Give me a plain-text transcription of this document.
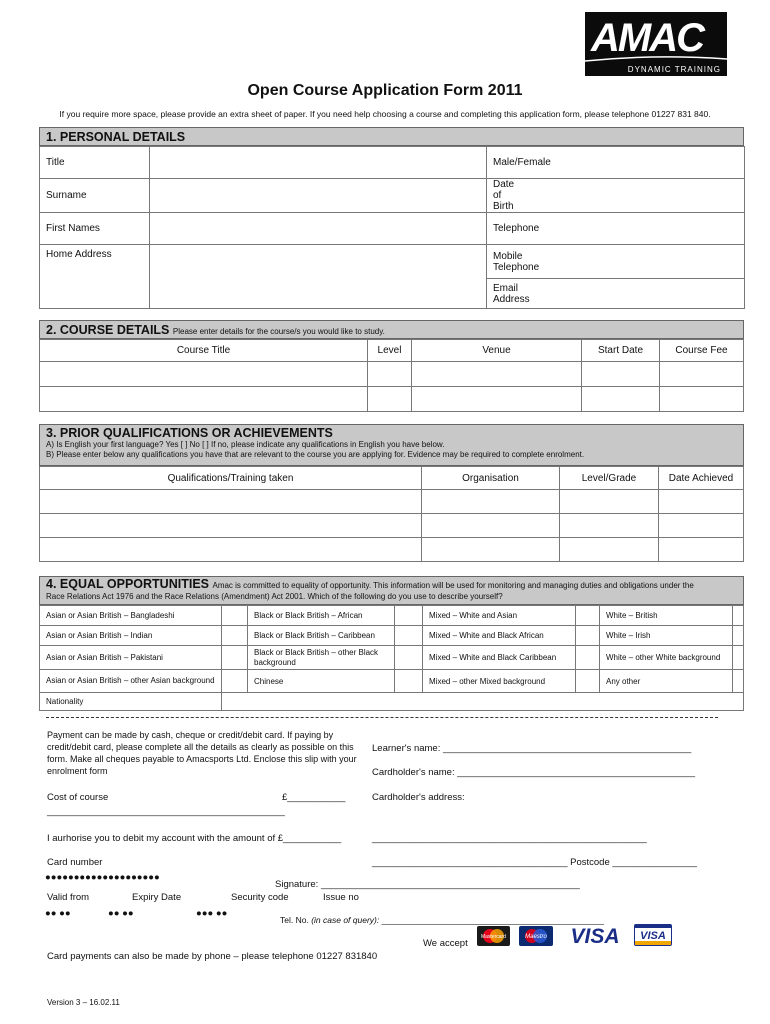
AMAC
DYNAMIC TRAINING
Open Course Application Form 2011
If you require more space, please provide an extra sheet of paper. If you need help choosing a course and completing this application form, please telephone 01227 831 840.
1. PERSONAL DETAILS
Title		Male/Female	
Surname		Date of Birth	
First Names		Telephone	
Home Address		Mobile Telephone	
		Email Address	
2. COURSE DETAILS Please enter details for the course/s you would like to study.
Course Title	Level	Venue	Start Date	Course Fee

3. PRIOR QUALIFICATIONS OR ACHIEVEMENTS
A) Is English your first language? Yes [ ] No [ ] If no, please indicate any qualifications in English you have below.
B) Please enter below any qualifications you have that are relevant to the course you are applying for. Evidence may be required to complete enrolment.
Qualifications/Training taken	Organisation	Level/Grade	Date Achieved

4. EQUAL OPPORTUNITIES Amac is committed to equality of opportunity. This information will be used for monitoring and managing duties and obligations under the
Race Relations Act 1976 and the Race Relations (Amendment) Act 2001. Which of the following do you use to describe yourself?
Asian or Asian British – Bangladeshi		Black or Black British – African		Mixed – White and Asian		White – British	
Asian or Asian British – Indian		Black or Black British – Caribbean		Mixed – White and Black African		White – Irish	
Asian or Asian British – Pakistani		Black or Black British – other Black background		Mixed – White and Black Caribbean		White – other White background	
Asian or Asian British – other Asian background		Chinese		Mixed – other Mixed background		Any other	
Nationality							
Payment can be made by cash, cheque or credit/debit card. If paying by credit/debit card, please complete all the details as clearly as possible on this form. Make all cheques payable to Amacsports Ltd. Enclose this slip with your enrolment form
Learner's name: _______________________________________________
Cardholder's name: _____________________________________________
Cost of course	£___________
_____________________________________________
Cardholder's address:
I aurhorise you to debit my account with the amount of £___________	____________________________________________________
Card number	_____________________________________ Postcode ________________
●●●●●●●●●●●●●●●●●●●●
Signature: _________________________________________________
Valid from	Expiry Date	Security code	Issue no
●● ●●	●● ●●	●●● ●●
Tel. No. (in case of query): _______________________________________________
We accept
Mastercard	Maestro VISA VISA
Card payments can also be made by phone – please telephone 01227 831840
Version 3 – 16.02.11
